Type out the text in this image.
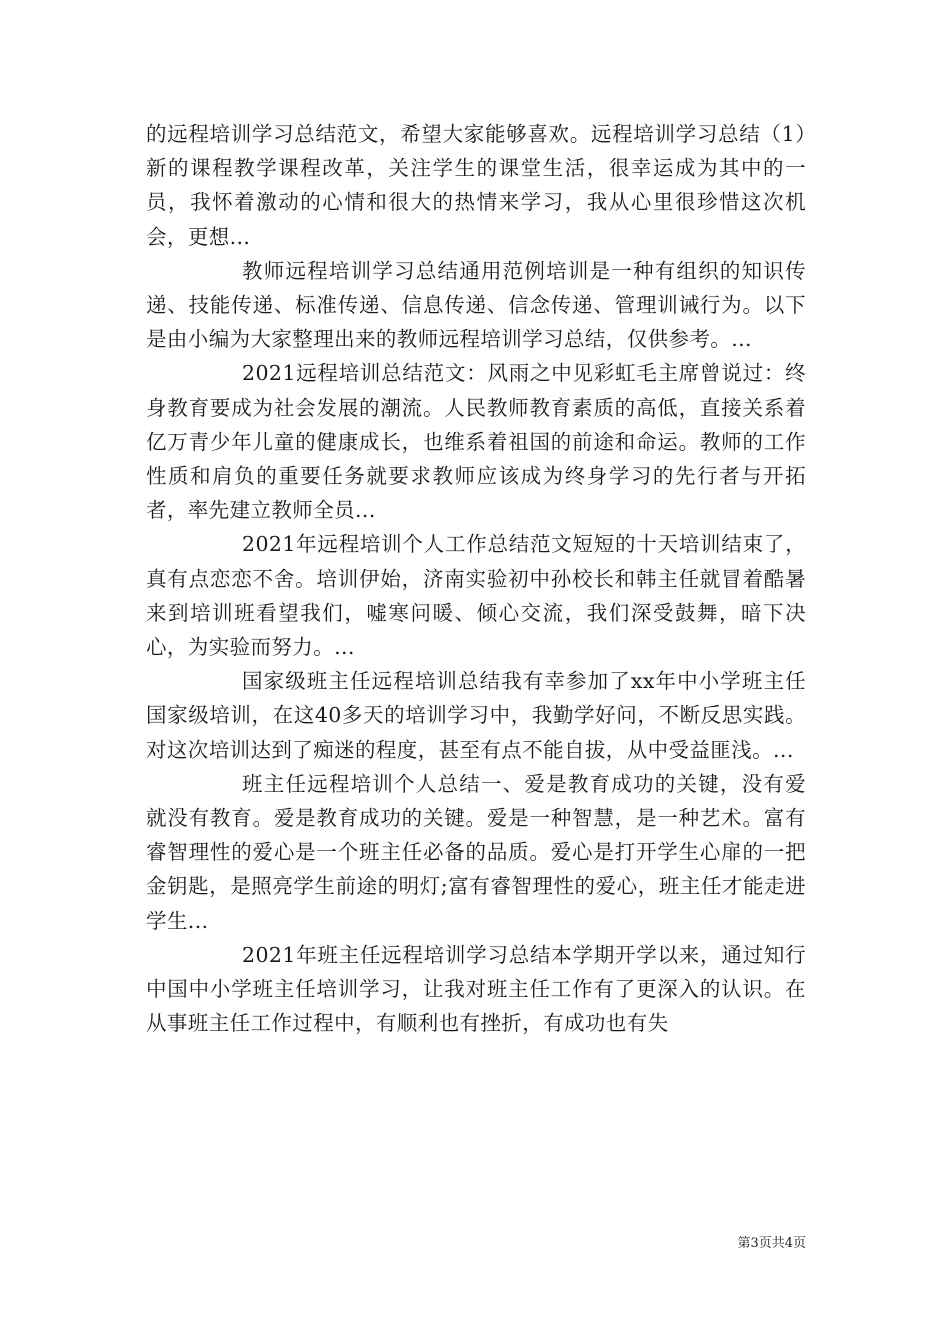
的远程培训学习总结范文，希望大家能够喜欢。远程培训学习总结（1）新的课程教学课程改革，关注学生的课堂生活，很幸运成为其中的一员，我怀着激动的心情和很大的热情来学习，我从心里很珍惜这次机会，更想...

教师远程培训学习总结通用范例培训是一种有组织的知识传递、技能传递、标准传递、信息传递、信念传递、管理训诫行为。以下是由小编为大家整理出来的教师远程培训学习总结，仅供参考。...

2021远程培训总结范文：风雨之中见彩虹毛主席曾说过：终身教育要成为社会发展的潮流。人民教师教育素质的高低，直接关系着亿万青少年儿童的健康成长，也维系着祖国的前途和命运。教师的工作性质和肩负的重要任务就要求教师应该成为终身学习的先行者与开拓者，率先建立教师全员...

2021年远程培训个人工作总结范文短短的十天培训结束了，真有点恋恋不舍。培训伊始，济南实验初中孙校长和韩主任就冒着酷暑来到培训班看望我们，嘘寒问暖、倾心交流，我们深受鼓舞，暗下决心，为实验而努力。...

国家级班主任远程培训总结我有幸参加了xx年中小学班主任国家级培训，在这40多天的培训学习中，我勤学好问，不断反思实践。对这次培训达到了痴迷的程度，甚至有点不能自拔，从中受益匪浅。...

班主任远程培训个人总结一、爱是教育成功的关键，没有爱就没有教育。爱是教育成功的关键。爱是一种智慧，是一种艺术。富有睿智理性的爱心是一个班主任必备的品质。爱心是打开学生心扉的一把金钥匙，是照亮学生前途的明灯;富有睿智理性的爱心，班主任才能走进学生...

2021年班主任远程培训学习总结本学期开学以来，通过知行中国中小学班主任培训学习，让我对班主任工作有了更深入的认识。在从事班主任工作过程中，有顺利也有挫折，有成功也有失

第3页共4页
